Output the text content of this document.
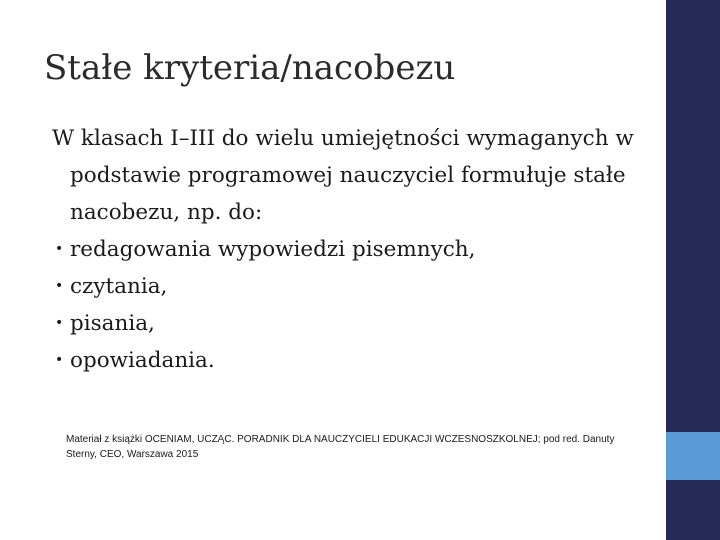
Stałe kryteria/nacobezu

W klasach I–III do wielu umiejętności wymaganych w podstawie programowej nauczyciel formułuje stałe nacobezu, np. do:

• redagowania wypowiedzi pisemnych,
• czytania,
• pisania,
• opowiadania.

Materiał z książki OCENIAM, UCZĄC. PORADNIK DLA NAUCZYCIELI EDUKACJI WCZESNOSZKOLNEJ; pod red. Danuty Sterny, CEO, Warszawa 2015
